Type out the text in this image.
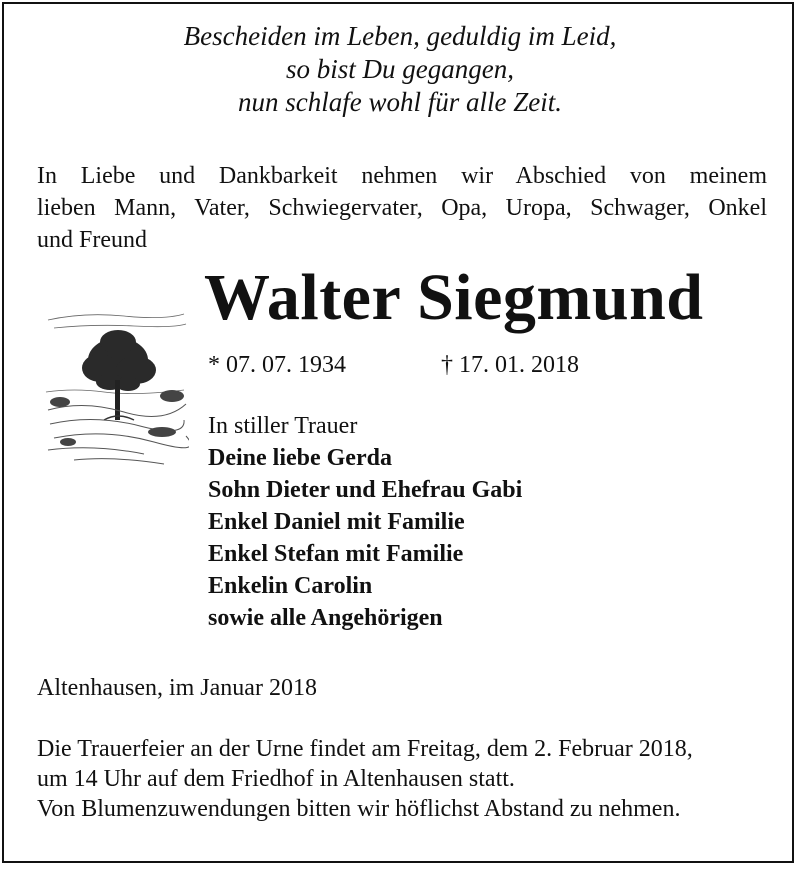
Bescheiden im Leben, geduldig im Leid,
so bist Du gegangen,
nun schlafe wohl für alle Zeit.
In Liebe und Dankbarkeit nehmen wir Abschied von meinem
lieben Mann, Vater, Schwiegervater, Opa, Uropa, Schwager, Onkel
und Freund
Walter Siegmund
* 07. 07. 1934	† 17. 01. 2018
In stiller Trauer
Deine liebe Gerda
Sohn Dieter und Ehefrau Gabi
Enkel Daniel mit Familie
Enkel Stefan mit Familie
Enkelin Carolin
sowie alle Angehörigen
Altenhausen, im Januar 2018
Die Trauerfeier an der Urne findet am Freitag, dem 2. Februar 2018,
um 14 Uhr auf dem Friedhof in Altenhausen statt.
Von Blumenzuwendungen bitten wir höflichst Abstand zu nehmen.
